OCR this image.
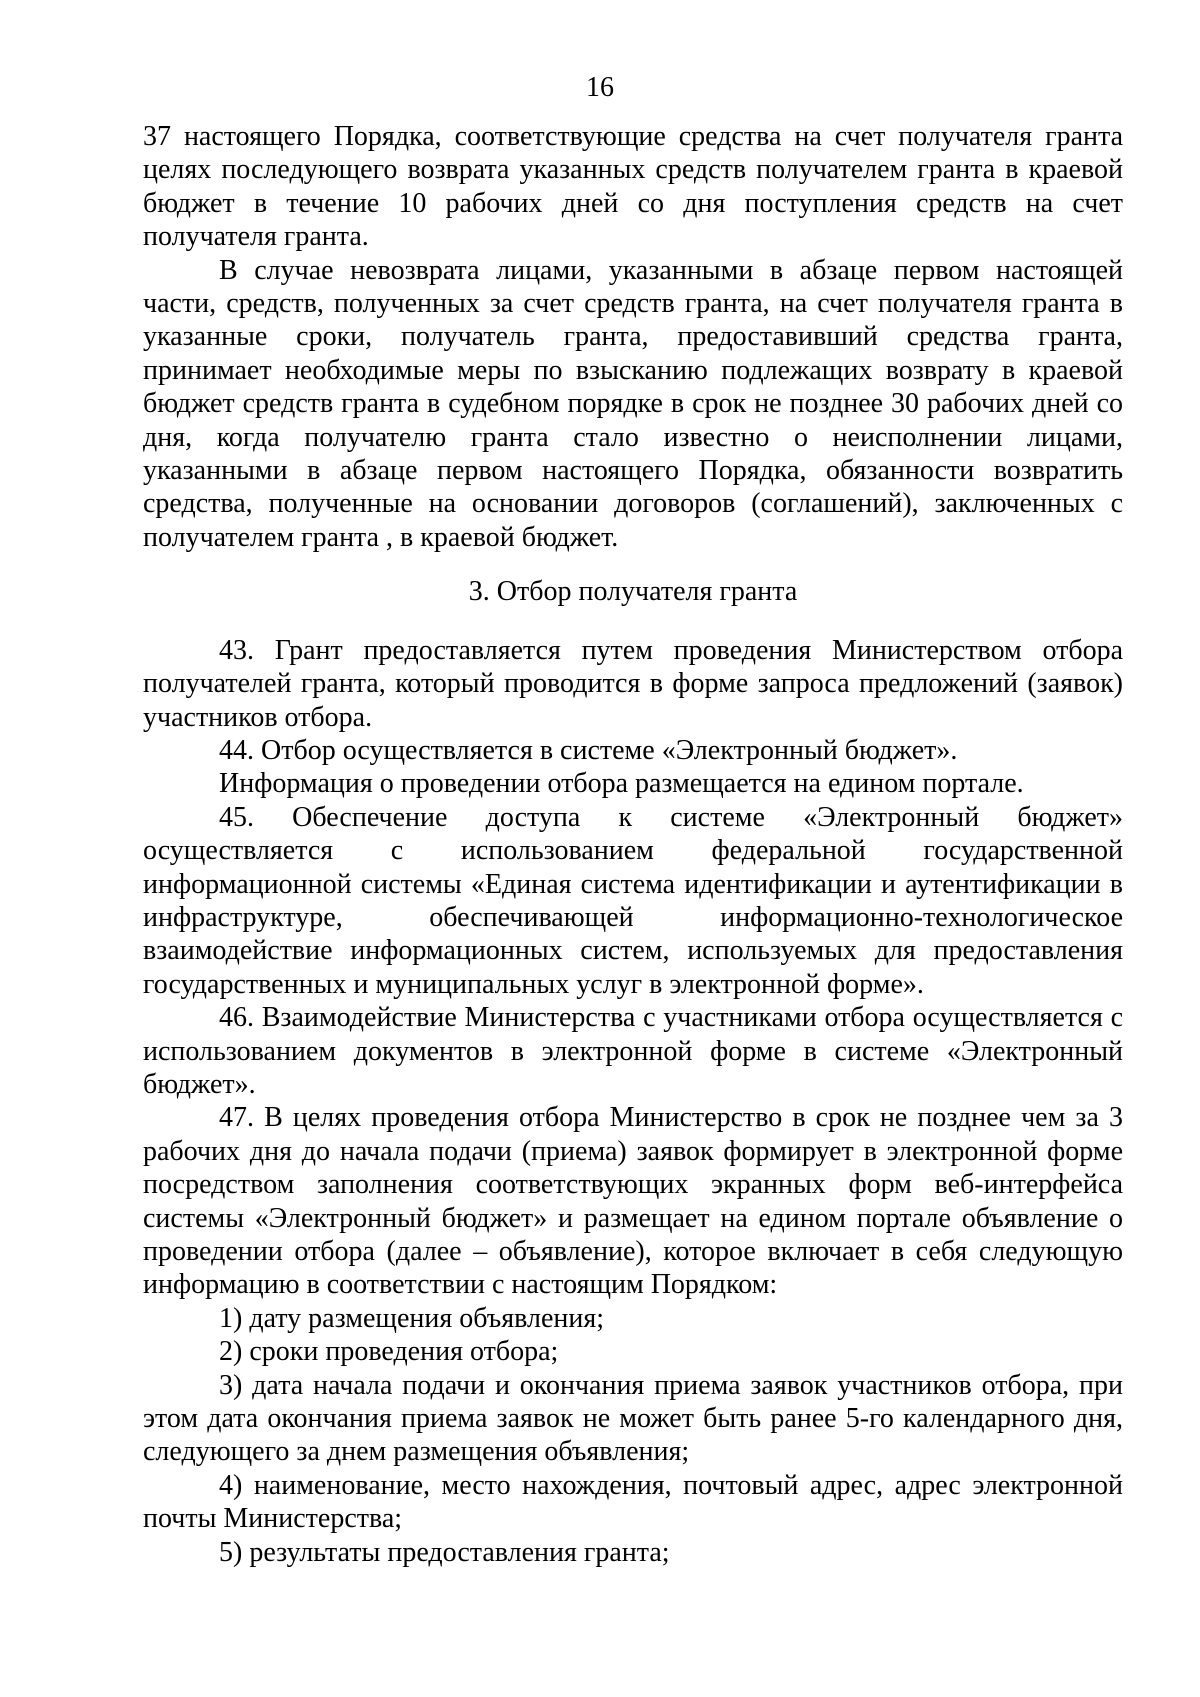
16

37 настоящего Порядка, соответствующие средства на счет получателя гранта целях последующего возврата указанных средств получателем гранта в краевой бюджет в течение 10 рабочих дней со дня поступления средств на счет получателя гранта.

В случае невозврата лицами, указанными в абзаце первом настоящей части, средств, полученных за счет средств гранта, на счет получателя гранта в указанные сроки, получатель гранта, предоставивший средства гранта, принимает необходимые меры по взысканию подлежащих возврату в краевой бюджет средств гранта в судебном порядке в срок не позднее 30 рабочих дней со дня, когда получателю гранта стало известно о неисполнении лицами, указанными в абзаце первом настоящего Порядка, обязанности возвратить средства, полученные на основании договоров (соглашений), заключенных с получателем гранта , в краевой бюджет.

3. Отбор получателя гранта

43. Грант предоставляется путем проведения Министерством отбора получателей гранта, который проводится в форме запроса предложений (заявок) участников отбора.

44. Отбор осуществляется в системе «Электронный бюджет».

Информация о проведении отбора размещается на едином портале.

45. Обеспечение доступа к системе «Электронный бюджет» осуществляется с использованием федеральной государственной информационной системы «Единая система идентификации и аутентификации в инфраструктуре, обеспечивающей информационно-технологическое взаимодействие информационных систем, используемых для предоставления государственных и муниципальных услуг в электронной форме».

46. Взаимодействие Министерства с участниками отбора осуществляется с использованием документов в электронной форме в системе «Электронный бюджет».

47. В целях проведения отбора Министерство в срок не позднее чем за 3 рабочих дня до начала подачи (приема) заявок формирует в электронной форме посредством заполнения соответствующих экранных форм веб-интерфейса системы «Электронный бюджет» и размещает на едином портале объявление о проведении отбора (далее – объявление), которое включает в себя следующую информацию в соответствии с настоящим Порядком:

1) дату размещения объявления;

2) сроки проведения отбора;

3) дата начала подачи и окончания приема заявок участников отбора, при этом дата окончания приема заявок не может быть ранее 5-го календарного дня, следующего за днем размещения объявления;

4) наименование, место нахождения, почтовый адрес, адрес электронной почты Министерства;

5) результаты предоставления гранта;
